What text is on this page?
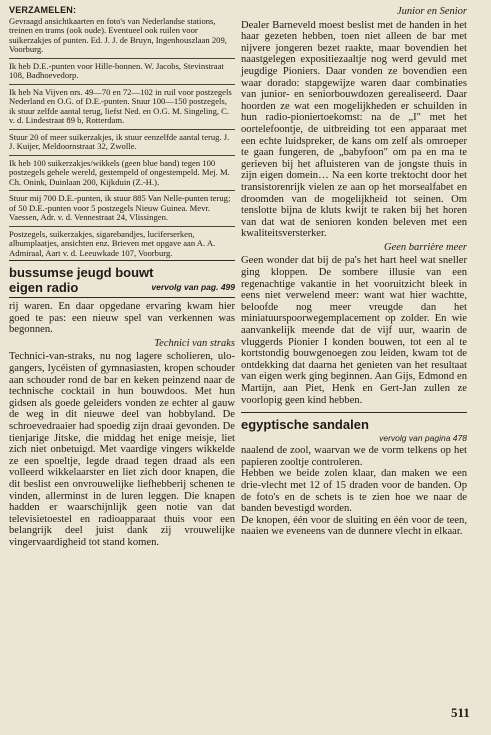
VERZAMELEN:

Gevraagd ansichtkaarten en foto's van Nederlandse stations, treinen en trams (ook oude). Eventueel ook ruilen voor suikerzakjes of punten. Ed. J. J. de Bruyn, Ingenhouszlaan 209, Voorburg.

Ik heb D.E.-punten voor Hille-bonnen. W. Jacobs, Stevinstraat 108, Badhoevedorp.

Ik heb Na Vijven nrs. 49—70 en 72—102 in ruil voor postzegels Nederland en O.G. of D.E.-punten. Stuur 100—150 postzegels, ik stuur zelfde aantal terug, liefst Ned. en O.G. M. Singeling, C. v. d. Lindestraat 89 b, Rotterdam.

Stuur 20 of meer suikerzakjes, ik stuur eenzelfde aantal terug. J. J. Kuijer, Meldoornstraat 32, Zwolle.

Ik heb 100 suikerzakjes/wikkels (geen blue band) tegen 100 postzegels gehele wereld, gestempeld of ongestempeld. Mej. M. Ch. Onink, Duinlaan 200, Kijkduin (Z.-H.).

Stuur mij 700 D.E.-punten, ik stuur 885 Van Nelle-punten terug; of 50 D.E.-punten voor 5 postzegels Nieuw Guinea. Mevr. Vaessen, Adr. v. d. Vennestraat 24, Vlissingen.

Postzegels, suikerzakjes, sigarebandjes, luciferserken, albumplaatjes, ansichten enz. Brieven met opgave aan A. A. Admiraal, Aart v. d. Leeuwkade 107, Voorburg.

bussumse jeugd bouwt
eigen radio	vervolg van pag. 499

rij waren. En daar opgedane ervaring kwam hier goed te pas: een nieuw spel van verkennen was begonnen.

Technici van straks

Technici-van-straks, nu nog lagere scholieren, ulo-gangers, lycéisten of gymnasiasten, kropen schouder aan schouder rond de bar en keken peinzend naar de technische cocktail in hun bouwdoos. Met hun gidsen als goede geleiders vonden ze echter al gauw de weg in dit nieuwe deel van hobbyland. De schroevedraaier had spoedig zijn draai gevonden. De tienjarige Jitske, die middag het enige meisje, liet zich niet onbetuigd. Met vaardige vingers wikkelde ze een spoeltje, legde draad tegen draad als een volleerd wikkelaarster en liet zich door knapen, die dit beslist een onvrouwelijke liefhebberij schenen te vinden, allerminst in de luren leggen. Die knapen hadden er waarschijnlijk geen notie van dat televisietoestel en radioapparaat thuis voor een belangrijk deel juist dank zij vrouwelijke vingervaardigheid tot stand komen.

Junior en Senior

Dealer Barneveld moest beslist met de handen in het haar gezeten hebben, toen niet alleen de bar met nijvere jongeren bezet raakte, maar bovendien het naastgelegen expositiezaaltje nog werd gevuld met jeugdige Pioniers. Daar vonden ze bovendien een waar dorado: stapgewijze waren daar combinaties van junior- en seniorbouwdozen gerealiseerd. Daar hoorden ze wat een mogelijkheden er schuilden in hun radio-pioniertoekomst: na de „I" met het oortelefoontje, de uitbreiding tot een apparaat met een echte luidspreker, de kans om zelf als omroeper te gaan fungeren, de „babyfoon" om pa en ma te gerieven bij het afluisteren van de jongste thuis in zijn eigen domein… Na een korte trektocht door het transistorenrijk vielen ze aan op het morsealfabet en droomden van de mogelijkheid tot seinen. Om tenslotte bijna de kluts kwijt te raken bij het horen van dat wat de senioren konden beleven met een kwaliteitsversterker.

Geen barrière meer

Geen wonder dat bij de pa's het hart heel wat sneller ging kloppen. De sombere illusie van een regenachtige vakantie in het vooruitzicht bleek in eens niet verwelend meer: want wat hier wachtte, beloofde nog meer vreugde dan het miniatuurspoorwegemplacement op zolder. En wie aanvankelijk meende dat de vijf uur, waarin de vluggerds Pionier I konden bouwen, tot een al te kortstondig bouwgenoegen zou leiden, kwam tot de ontdekking dat daarna het genieten van het resultaat van eigen werk ging beginnen. Aan Gijs, Edmond en Martijn, aan Piet, Henk en Gert-Jan zullen ze voorlopig geen kind hebben.

egyptische sandalen
vervolg van pagina 478

naalend de zool, waarvan we de vorm telkens op het papieren zooltje controleren.

Hebben we beide zolen klaar, dan maken we een drie-vlecht met 12 of 15 draden voor de banden. Op de foto's en de schets is te zien hoe we naar de banden bevestigd worden.

De knopen, één voor de sluiting en één voor de teen, naaien we eveneens van de dunnere vlecht in elkaar.

511
